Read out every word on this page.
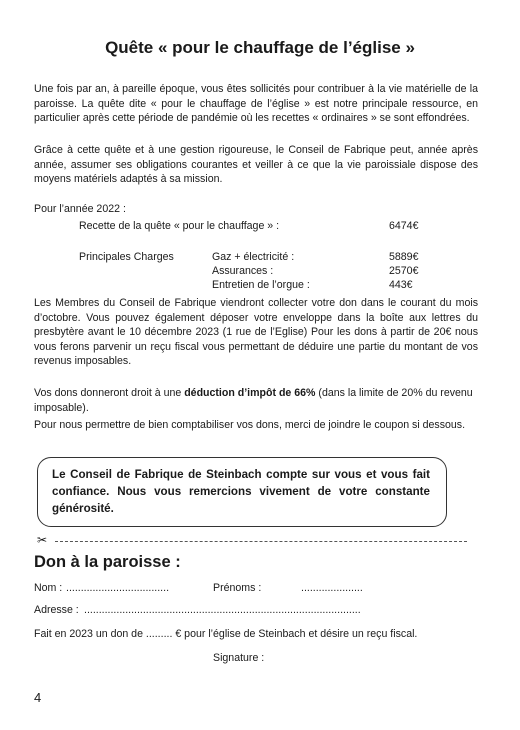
Quête « pour le chauffage de l’église »
Une fois par an, à pareille époque, vous êtes sollicités pour contribuer à la vie matérielle de la paroisse. La quête dite « pour le chauffage de l’église » est notre principale ressource, en particulier après cette période de pandémie où les recettes « ordinaires » se sont effondrées.
Grâce à cette quête et à une gestion rigoureuse, le Conseil de Fabrique peut, année après année, assumer ses obligations courantes et veiller à ce que la vie paroissiale dispose des moyens matériels adaptés à sa mission.
Pour l’année 2022 :
Recette de la quête « pour le chauffage » :	6474€
Principales Charges	Gaz + électricité :	5889€
Assurances :	2570€
Entretien de l’orgue :	443€
Les Membres du Conseil de Fabrique viendront collecter votre don dans le courant du mois d’octobre. Vous pouvez également déposer votre enveloppe dans la boîte aux lettres du presbytère avant le 10 décembre 2023 (1 rue de l’Eglise) Pour les dons à partir de 20€ nous vous ferons parvenir un reçu fiscal vous permettant de déduire une partie du montant de vos revenus imposables.
Vos dons donneront droit à une déduction d’impôt de 66% (dans la limite de 20% du revenu imposable).
Pour nous permettre de bien comptabiliser vos dons, merci de joindre le coupon si dessous.
Le Conseil de Fabrique de Steinbach compte sur vous et vous fait confiance. Nous vous remercions vivement de votre constante générosité.
✂
Don à la paroisse :
Nom : ...................................	Prénoms :	.....................
Adresse : ..............................................................................................
Fait en 2023 un don de ......... € pour l’église de Steinbach et désire un reçu fiscal.
Signature :
4
